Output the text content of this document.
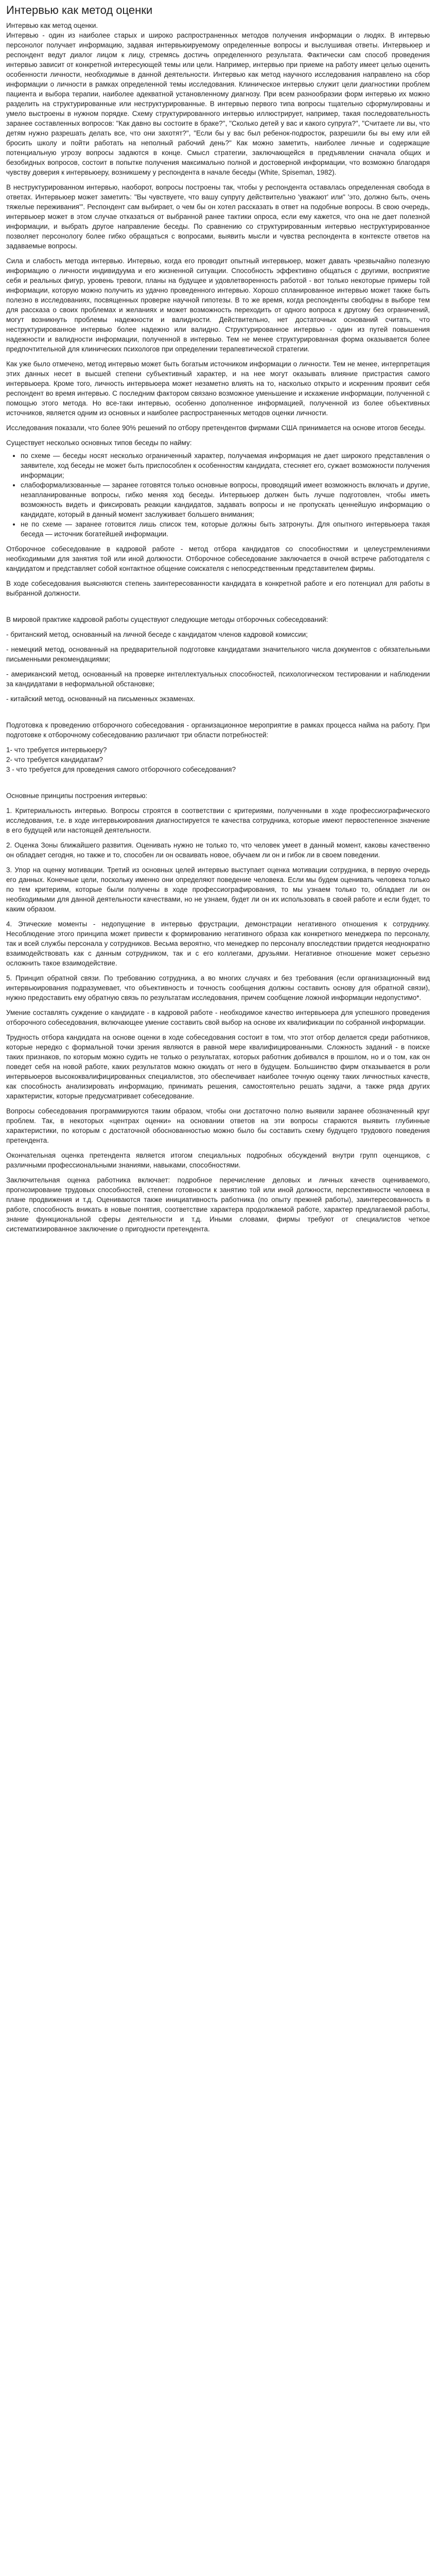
Интервью как метод оценки

Интервью как метод оценки.

Интервью - один из наиболее старых и широко распространенных методов получения информации о людях. В интервью персонолог получает информацию, задавая интервьюируемому определенные вопросы и выслушивая ответы. Интервьюер и респондент ведут диалог лицом к лицу, стремясь достичь определенного результата. Фактически сам способ проведения интервью зависит от конкретной интересующей темы или цели. Например, интервью при приеме на работу имеет целью оценить особенности личности, необходимые в данной деятельности. Интервью как метод научного исследования направлено на сбор информации о личности в рамках определенной темы исследования. Клиническое интервью служит цели диагностики проблем пациента и выбора терапии, наиболее адекватной установленному диагнозу. При всем разнообразии форм интервью их можно разделить на структурированные или неструктурированные. В интервью первого типа вопросы тщательно сформулированы и умело выстроены в нужном порядке. Схему структурированного интервью иллюстрирует, например, такая последовательность заранее составленных вопросов: "Как давно вы состоите в браке?", "Сколько детей у вас и какого супруга?", "Считаете ли вы, что детям нужно разрешать делать все, что они захотят?", "Если бы у вас был ребенок-подросток, разрешили бы вы ему или ей бросить школу и пойти работать на неполный рабочий день?" Как можно заметить, наиболее личные и содержащие потенциальную угрозу вопросы задаются в конце. Смысл стратегии, заключающейся в предъявлении сначала общих и безобидных вопросов, состоит в попытке получения максимально полной и достоверной информации, что возможно благодаря чувству доверия к интервьюеру, возникшему у респондента в начале беседы (White, Spiseman, 1982).

В неструктурированном интервью, наоборот, вопросы построены так, чтобы у респондента оставалась определенная свобода в ответах. Интервьюер может заметить: "Вы чувствуете, что вашу супругу действительно 'уважают' или" 'это, должно быть, очень тяжелые переживания'". Респондент сам выбирает, о чем бы он хотел рассказать в ответ на подобные вопросы. В свою очередь, интервьюер может в этом случае отказаться от выбранной ранее тактики опроса, если ему кажется, что она не дает полезной информации, и выбрать другое направление беседы. По сравнению со структурированным интервью неструктурированное позволяет персонологу более гибко обращаться с вопросами, выявить мысли и чувства респондента в контексте ответов на задаваемые вопросы.

Сила и слабость метода интервью. Интервью, когда его проводит опытный интервьюер, может давать чрезвычайно полезную информацию о личности индивидуума и его жизненной ситуации. Способность эффективно общаться с другими, восприятие себя и реальных фигур, уровень тревоги, планы на будущее и удовлетворенность работой - вот только некоторые примеры той информации, которую можно получить из удачно проведенного интервью. Хорошо спланированное интервью может также быть полезно в исследованиях, посвященных проверке научной гипотезы. В то же время, когда респонденты свободны в выборе тем для рассказа о своих проблемах и желаниях и может возможность переходить от одного вопроса к другому без ограничений, могут возникнуть проблемы надежности и валидности. Действительно, нет достаточных оснований считать, что неструктурированное интервью более надежно или валидно. Структурированное интервью - один из путей повышения надежности и валидности информации, полученной в интервью. Тем не менее структурированная форма оказывается более предпочтительной для клинических психологов при определении терапевтической стратегии.

Как уже было отмечено, метод интервью может быть богатым источником информации о личности. Тем не менее, интерпретация этих данных несет в высшей степени субъективный характер, и на нее могут оказывать влияние пристрастия самого интервьюера. Кроме того, личность интервьюера может незаметно влиять на то, насколько открыто и искренним проявит себя респондент во время интервью. С последним фактором связано возможное уменьшение и искажение информации, полученной с помощью этого метода. Но все-таки интервью, особенно дополненное информацией, полученной из более объективных источников, является одним из основных и наиболее распространенных методов оценки личности.

Исследования показали, что более 90% решений по отбору претендентов фирмами США принимается на основе итогов беседы.

Существует несколько основных типов беседы по найму:

• по схеме — беседы носят несколько ограниченный характер, получаемая информация не дает широкого представления о заявителе, ход беседы не может быть приспособлен к особенностям кандидата, стесняет его, сужает возможности получения информации;
• слабоформализованные — заранее готовятся только основные вопросы, проводящий имеет возможность включать и другие, незапланированные вопросы, гибко меняя ход беседы. Интервьюер должен быть лучше подготовлен, чтобы иметь возможность видеть и фиксировать реакции кандидатов, задавать вопросы и не пропускать ценнейшую информацию о кандидате, который в данный момент заслуживает большего внимания;
• не по схеме — заранее готовится лишь список тем, которые должны быть затронуты. Для опытного интервьюера такая беседа — источник богатейшей информации.

Отборочное собеседование в кадровой работе - метод отбора кандидатов со способностями и целеустремлениями необходимыми для занятия той или иной должности. Отборочное собеседование заключается в очной встрече работодателя с кандидатом и представляет собой контактное общение соискателя с непосредственным представителем фирмы.

В ходе собеседования выясняются степень заинтересованности кандидата в конкретной работе и его потенциал для работы в выбранной должности.

В мировой практике кадровой работы существуют следующие методы отборочных собеседований:

- британский метод, основанный на личной беседе с кандидатом членов кадровой комиссии;

- немецкий метод, основанный на предварительной подготовке кандидатами значительного числа документов с обязательными письменными рекомендациями;

- американский метод, основанный на проверке интеллектуальных способностей, психологическом тестировании и наблюдении за кандидатами в неформальной обстановке;

- китайский метод, основанный на письменных экзаменах.

Подготовка к проведению отборочного собеседования - организационное мероприятие в рамках процесса найма на работу. При подготовке к отборочному собеседованию различают три области потребностей:

1- что требуется интервьюеру?

2- что требуется кандидатам?

3 - что требуется для проведения самого отборочного собеседования?

Основные принципы построения интервью:

1. Критериальность интервью. Вопросы строятся в соответствии с критериями, полученными в ходе профессиографического исследования, т.е. в ходе интервьюирования диагностируется те качества сотрудника, которые имеют первостепенное значение в его будущей или настоящей деятельности.

2. Оценка Зоны ближайшего развития. Оценивать нужно не только то, что человек умеет в данный момент, каковы качественно он обладает сегодня, но также и то, способен ли он осваивать новое, обучаем ли он и гибок ли в своем поведении.

3. Упор на оценку мотивации. Третий из основных целей интервью выступает оценка мотивации сотрудника, в первую очередь его данных. Конечные цели, поскольку именно они определяют поведение человека. Если мы будем оценивать человека только по тем критериям, которые были получены в ходе профессиографирования, то мы узнаем только то, обладает ли он необходимыми для данной деятельности качествами, но не узнаем, будет ли он их использовать в своей работе и если будет, то каким образом.

4. Этические моменты - недопущение в интервью фрустрации, демонстрации негативного отношения к сотруднику. Несоблюдение этого принципа может привести к формированию негативного образа как конкретного менеджера по персоналу, так и всей службы персонала у сотрудников. Весьма вероятно, что менеджер по персоналу впоследствии придется неоднократно взаимодействовать как с данным сотрудником, так и с его коллегами, друзьями. Негативное отношение может серьезно осложнить такое взаимодействие.

5. Принцип обратной связи. По требованию сотрудника, а во многих случаях и без требования (если организационный вид интервьюирования подразумевает, что объективность и точность сообщения должны составить основу для обратной связи), нужно предоставить ему обратную связь по результатам исследования, причем сообщение ложной информации недопустимо*.

Умение составлять суждение о кандидате - в кадровой работе - необходимое качество интервьюера для успешного проведения отборочного собеседования, включающее умение составить свой выбор на основе их квалификации по собранной информации.

Трудность отбора кандидата на основе оценки в ходе собеседования состоит в том, что этот отбор делается среди работников, которые нередко с формальной точки зрения являются в равной мере квалифицированными. Сложность заданий - в поиске таких признаков, по которым можно судить не только о результатах, которых работник добивался в прошлом, но и о том, как он поведет себя на новой работе, каких результатов можно ожидать от него в будущем. Большинство фирм отказывается в роли интервьюеров высококвалифицированных специалистов, это обеспечивает наиболее точную оценку таких личностных качеств, как способность анализировать информацию, принимать решения, самостоятельно решать задачи, а также ряда других характеристик, которые предусматривает собеседование.

Вопросы собеседования программируются таким образом, чтобы они достаточно полно выявили заранее обозначенный круг проблем. Так, в некоторых «центрах оценки» на основании ответов на эти вопросы стараются выявить глубинные характеристики, по которым с достаточной обоснованностью можно было бы составить схему будущего трудового поведения претендента.

Окончательная оценка претендента является итогом специальных подробных обсуждений внутри групп оценщиков, с различными профессиональными знаниями, навыками, способностями.

Заключительная оценка работника включает: подробное перечисление деловых и личных качеств оцениваемого, прогнозирование трудовых способностей, степени готовности к занятию той или иной должности, перспективности человека в плане продвижения и т.д. Оцениваются также инициативность работника (по опыту прежней работы), заинтересованность в работе, способность вникать в новые понятия, соответствие характера продолжаемой работе, характер предлагаемой работы, знание функциональной сферы деятельности и т.д. Иными словами, фирмы требуют от специалистов четкое систематизированное заключение о пригодности претендента.
